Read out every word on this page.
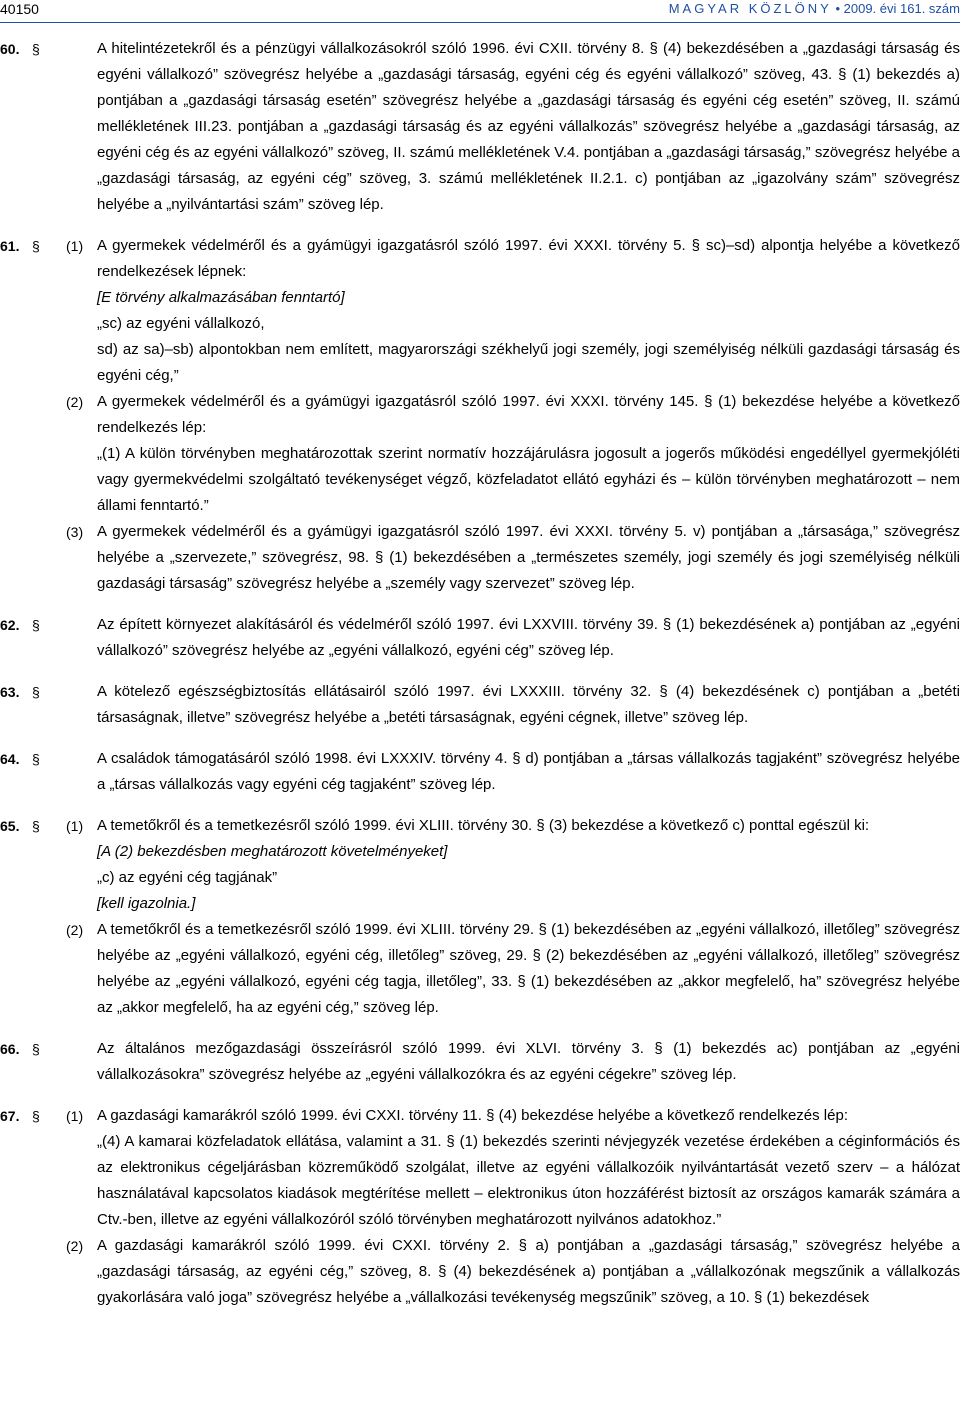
40150	MAGYAR KÖZLÖNY • 2009. évi 161. szám
60. §	A hitelintézetekről és a pénzügyi vállalkozásokról szóló 1996. évi CXII. törvény 8. § (4) bekezdésében a „gazdasági társaság és egyéni vállalkozó” szövegrész helyébe a „gazdasági társaság, egyéni cég és egyéni vállalkozó” szöveg, 43. § (1) bekezdés a) pontjában a „gazdasági társaság esetén” szövegrész helyébe a „gazdasági társaság és egyéni cég esetén” szöveg, II. számú mellékletének III.23. pontjában a „gazdasági társaság és az egyéni vállalkozás” szövegrész helyébe a „gazdasági társaság, az egyéni cég és az egyéni vállalkozó” szöveg, II. számú mellékletének V.4. pontjában a „gazdasági társaság,” szövegrész helyébe a „gazdasági társaság, az egyéni cég” szöveg, 3. számú mellékletének II.2.1. c) pontjában az „igazolvány szám” szövegrész helyébe a „nyilvántartási szám” szöveg lép.
61. § (1) A gyermekek védelméről és a gyámügyi igazgatásról szóló 1997. évi XXXI. törvény 5. § sc)–sd) alpontja helyébe a következő rendelkezések lépnek:
[E törvény alkalmazásában fenntartó]
„sc) az egyéni vállalkozó,
sd) az sa)–sb) alpontokban nem említett, magyarországi székhelyű jogi személy, jogi személyiség nélküli gazdasági társaság és egyéni cég,”
(2) A gyermekek védelméről és a gyámügyi igazgatásról szóló 1997. évi XXXI. törvény 145. § (1) bekezdése helyébe a következő rendelkezés lép:
„(1) A külön törvényben meghatározottak szerint normatív hozzájárulásra jogosult a jogerős működési engedéllyel gyermekjóléti vagy gyermekvédelmi szolgáltató tevékenységet végző, közfeladatot ellátó egyházi és – külön törvényben meghatározott – nem állami fenntartó.”
(3) A gyermekek védelméről és a gyámügyi igazgatásról szóló 1997. évi XXXI. törvény 5. v) pontjában a „társasága,” szövegrész helyébe a „szervezete,” szövegrész, 98. § (1) bekezdésében a „természetes személy, jogi személy és jogi személyiség nélküli gazdasági társaság” szövegrész helyébe a „személy vagy szervezet” szöveg lép.
62. §	Az épített környezet alakításáról és védelméről szóló 1997. évi LXXVIII. törvény 39. § (1) bekezdésének a) pontjában az „egyéni vállalkozó” szövegrész helyébe az „egyéni vállalkozó, egyéni cég” szöveg lép.
63. §	A kötelező egészségbiztosítás ellátásairól szóló 1997. évi LXXXIII. törvény 32. § (4) bekezdésének c) pontjában a „betéti társaságnak, illetve” szövegrész helyébe a „betéti társaságnak, egyéni cégnek, illetve” szöveg lép.
64. §	A családok támogatásáról szóló 1998. évi LXXXIV. törvény 4. § d) pontjában a „társas vállalkozás tagjaként” szövegrész helyébe a „társas vállalkozás vagy egyéni cég tagjaként” szöveg lép.
65. § (1) A temetőkről és a temetkezésről szóló 1999. évi XLIII. törvény 30. § (3) bekezdése a következő c) ponttal egészül ki:
[A (2) bekezdésben meghatározott követelményeket]
„c) az egyéni cég tagjának”
[kell igazolnia.]
(2) A temetőkről és a temetkezésről szóló 1999. évi XLIII. törvény 29. § (1) bekezdésében az „egyéni vállalkozó, illetőleg” szövegrész helyébe az „egyéni vállalkozó, egyéni cég, illetőleg” szöveg, 29. § (2) bekezdésében az „egyéni vállalkozó, illetőleg” szövegrész helyébe az „egyéni vállalkozó, egyéni cég tagja, illetőleg”, 33. § (1) bekezdésében az „akkor megfelelő, ha” szövegrész helyébe az „akkor megfelelő, ha az egyéni cég,” szöveg lép.
66. §	Az általános mezőgazdasági összeírásról szóló 1999. évi XLVI. törvény 3. § (1) bekezdés ac) pontjában az „egyéni vállalkozásokra” szövegrész helyébe az „egyéni vállalkozókra és az egyéni cégekre” szöveg lép.
67. § (1) A gazdasági kamarákról szóló 1999. évi CXXI. törvény 11. § (4) bekezdése helyébe a következő rendelkezés lép:
„(4) A kamarai közfeladatok ellátása, valamint a 31. § (1) bekezdés szerinti névjegyzék vezetése érdekében a céginformációs és az elektronikus cégeljárásban közreműködő szolgálat, illetve az egyéni vállalkozóik nyilvántartását vezető szerv – a hálózat használatával kapcsolatos kiadások megtérítése mellett – elektronikus úton hozzáférést biztosít az országos kamarák számára a Ctv.-ben, illetve az egyéni vállalkozóról szóló törvényben meghatározott nyilvános adatokhoz.”
(2) A gazdasági kamarákról szóló 1999. évi CXXI. törvény 2. § a) pontjában a „gazdasági társaság,” szövegrész helyébe a „gazdasági társaság, az egyéni cég,” szöveg, 8. § (4) bekezdésének a) pontjában a „vállalkozónak megszűnik a vállalkozás gyakorlására való joga” szövegrész helyébe a „vállalkozási tevékenység megszűnik” szöveg, a 10. § (1) bekezdések
